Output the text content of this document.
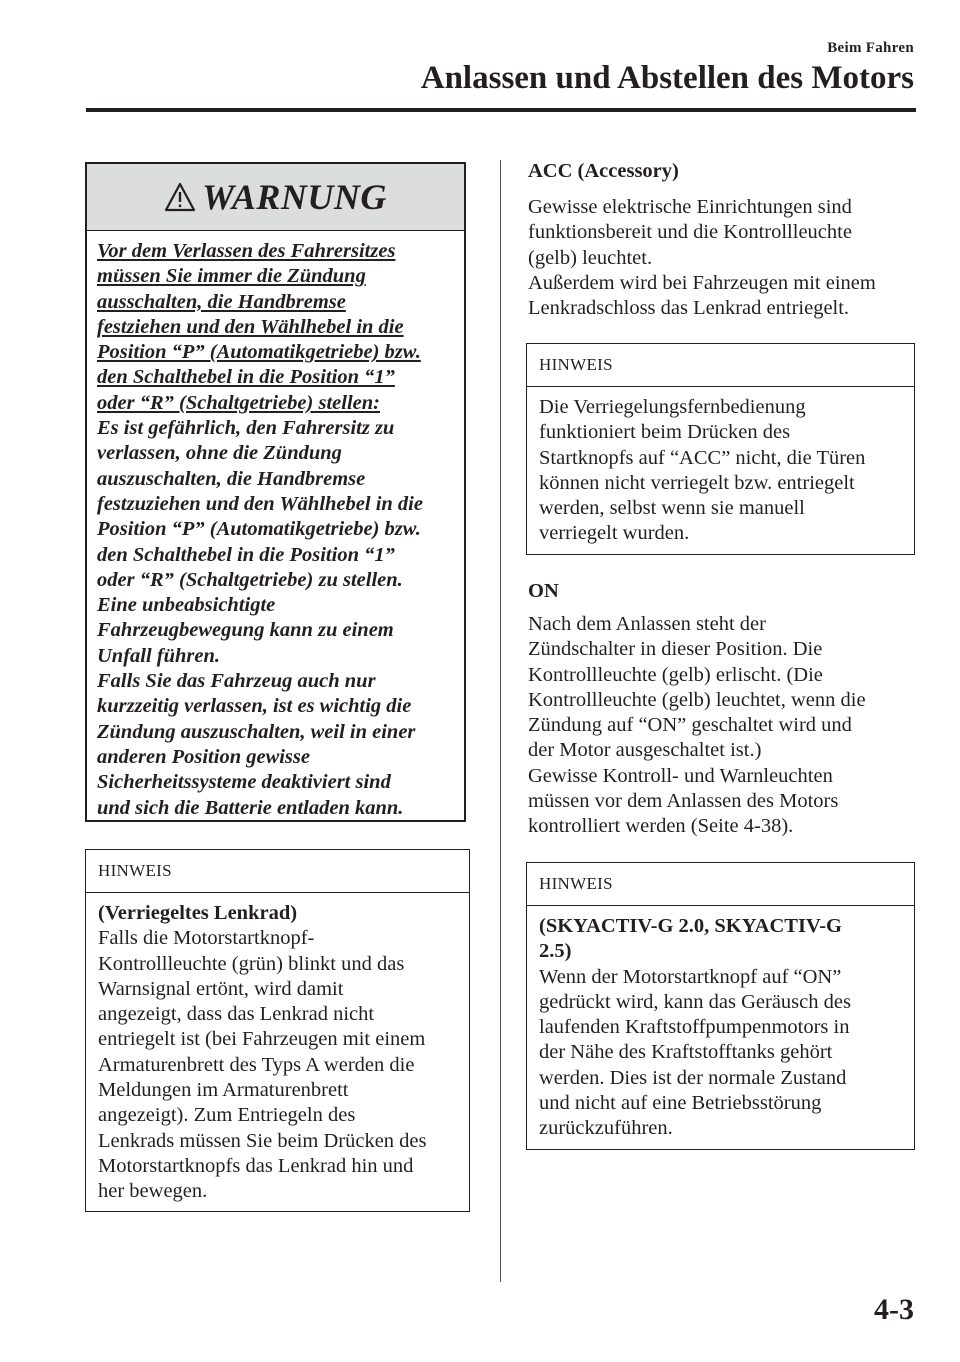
Beim Fahren
Anlassen und Abstellen des Motors
WARNUNG
Vor dem Verlassen des Fahrersitzes
müssen Sie immer die Zündung
ausschalten, die Handbremse
festziehen und den Wählhebel in die
Position “P” (Automatikgetriebe) bzw.
den Schalthebel in die Position “1”
oder “R” (Schaltgetriebe) stellen:
Es ist gefährlich, den Fahrersitz zu
verlassen, ohne die Zündung
auszuschalten, die Handbremse
festzuziehen und den Wählhebel in die
Position “P” (Automatikgetriebe) bzw.
den Schalthebel in die Position “1”
oder “R” (Schaltgetriebe) zu stellen.
Eine unbeabsichtigte
Fahrzeugbewegung kann zu einem
Unfall führen.
Falls Sie das Fahrzeug auch nur
kurzzeitig verlassen, ist es wichtig die
Zündung auszuschalten, weil in einer
anderen Position gewisse
Sicherheitssysteme deaktiviert sind
und sich die Batterie entladen kann.
HINWEIS
(Verriegeltes Lenkrad)
Falls die Motorstartknopf-
Kontrollleuchte (grün) blinkt und das
Warnsignal ertönt, wird damit
angezeigt, dass das Lenkrad nicht
entriegelt ist (bei Fahrzeugen mit einem
Armaturenbrett des Typs A werden die
Meldungen im Armaturenbrett
angezeigt). Zum Entriegeln des
Lenkrads müssen Sie beim Drücken des
Motorstartknopfs das Lenkrad hin und
her bewegen.
ACC (Accessory)
Gewisse elektrische Einrichtungen sind
funktionsbereit und die Kontrollleuchte
(gelb) leuchtet.
Außerdem wird bei Fahrzeugen mit einem
Lenkradschloss das Lenkrad entriegelt.
HINWEIS
Die Verriegelungsfernbedienung
funktioniert beim Drücken des
Startknopfs auf “ACC” nicht, die Türen
können nicht verriegelt bzw. entriegelt
werden, selbst wenn sie manuell
verriegelt wurden.
ON
Nach dem Anlassen steht der
Zündschalter in dieser Position. Die
Kontrollleuchte (gelb) erlischt. (Die
Kontrollleuchte (gelb) leuchtet, wenn die
Zündung auf “ON” geschaltet wird und
der Motor ausgeschaltet ist.)
Gewisse Kontroll- und Warnleuchten
müssen vor dem Anlassen des Motors
kontrolliert werden (Seite 4-38).
HINWEIS
(SKYACTIV-G 2.0, SKYACTIV-G
2.5)
Wenn der Motorstartknopf auf “ON”
gedrückt wird, kann das Geräusch des
laufenden Kraftstoffpumpenmotors in
der Nähe des Kraftstofftanks gehört
werden. Dies ist der normale Zustand
und nicht auf eine Betriebsstörung
zurückzuführen.
4-3
